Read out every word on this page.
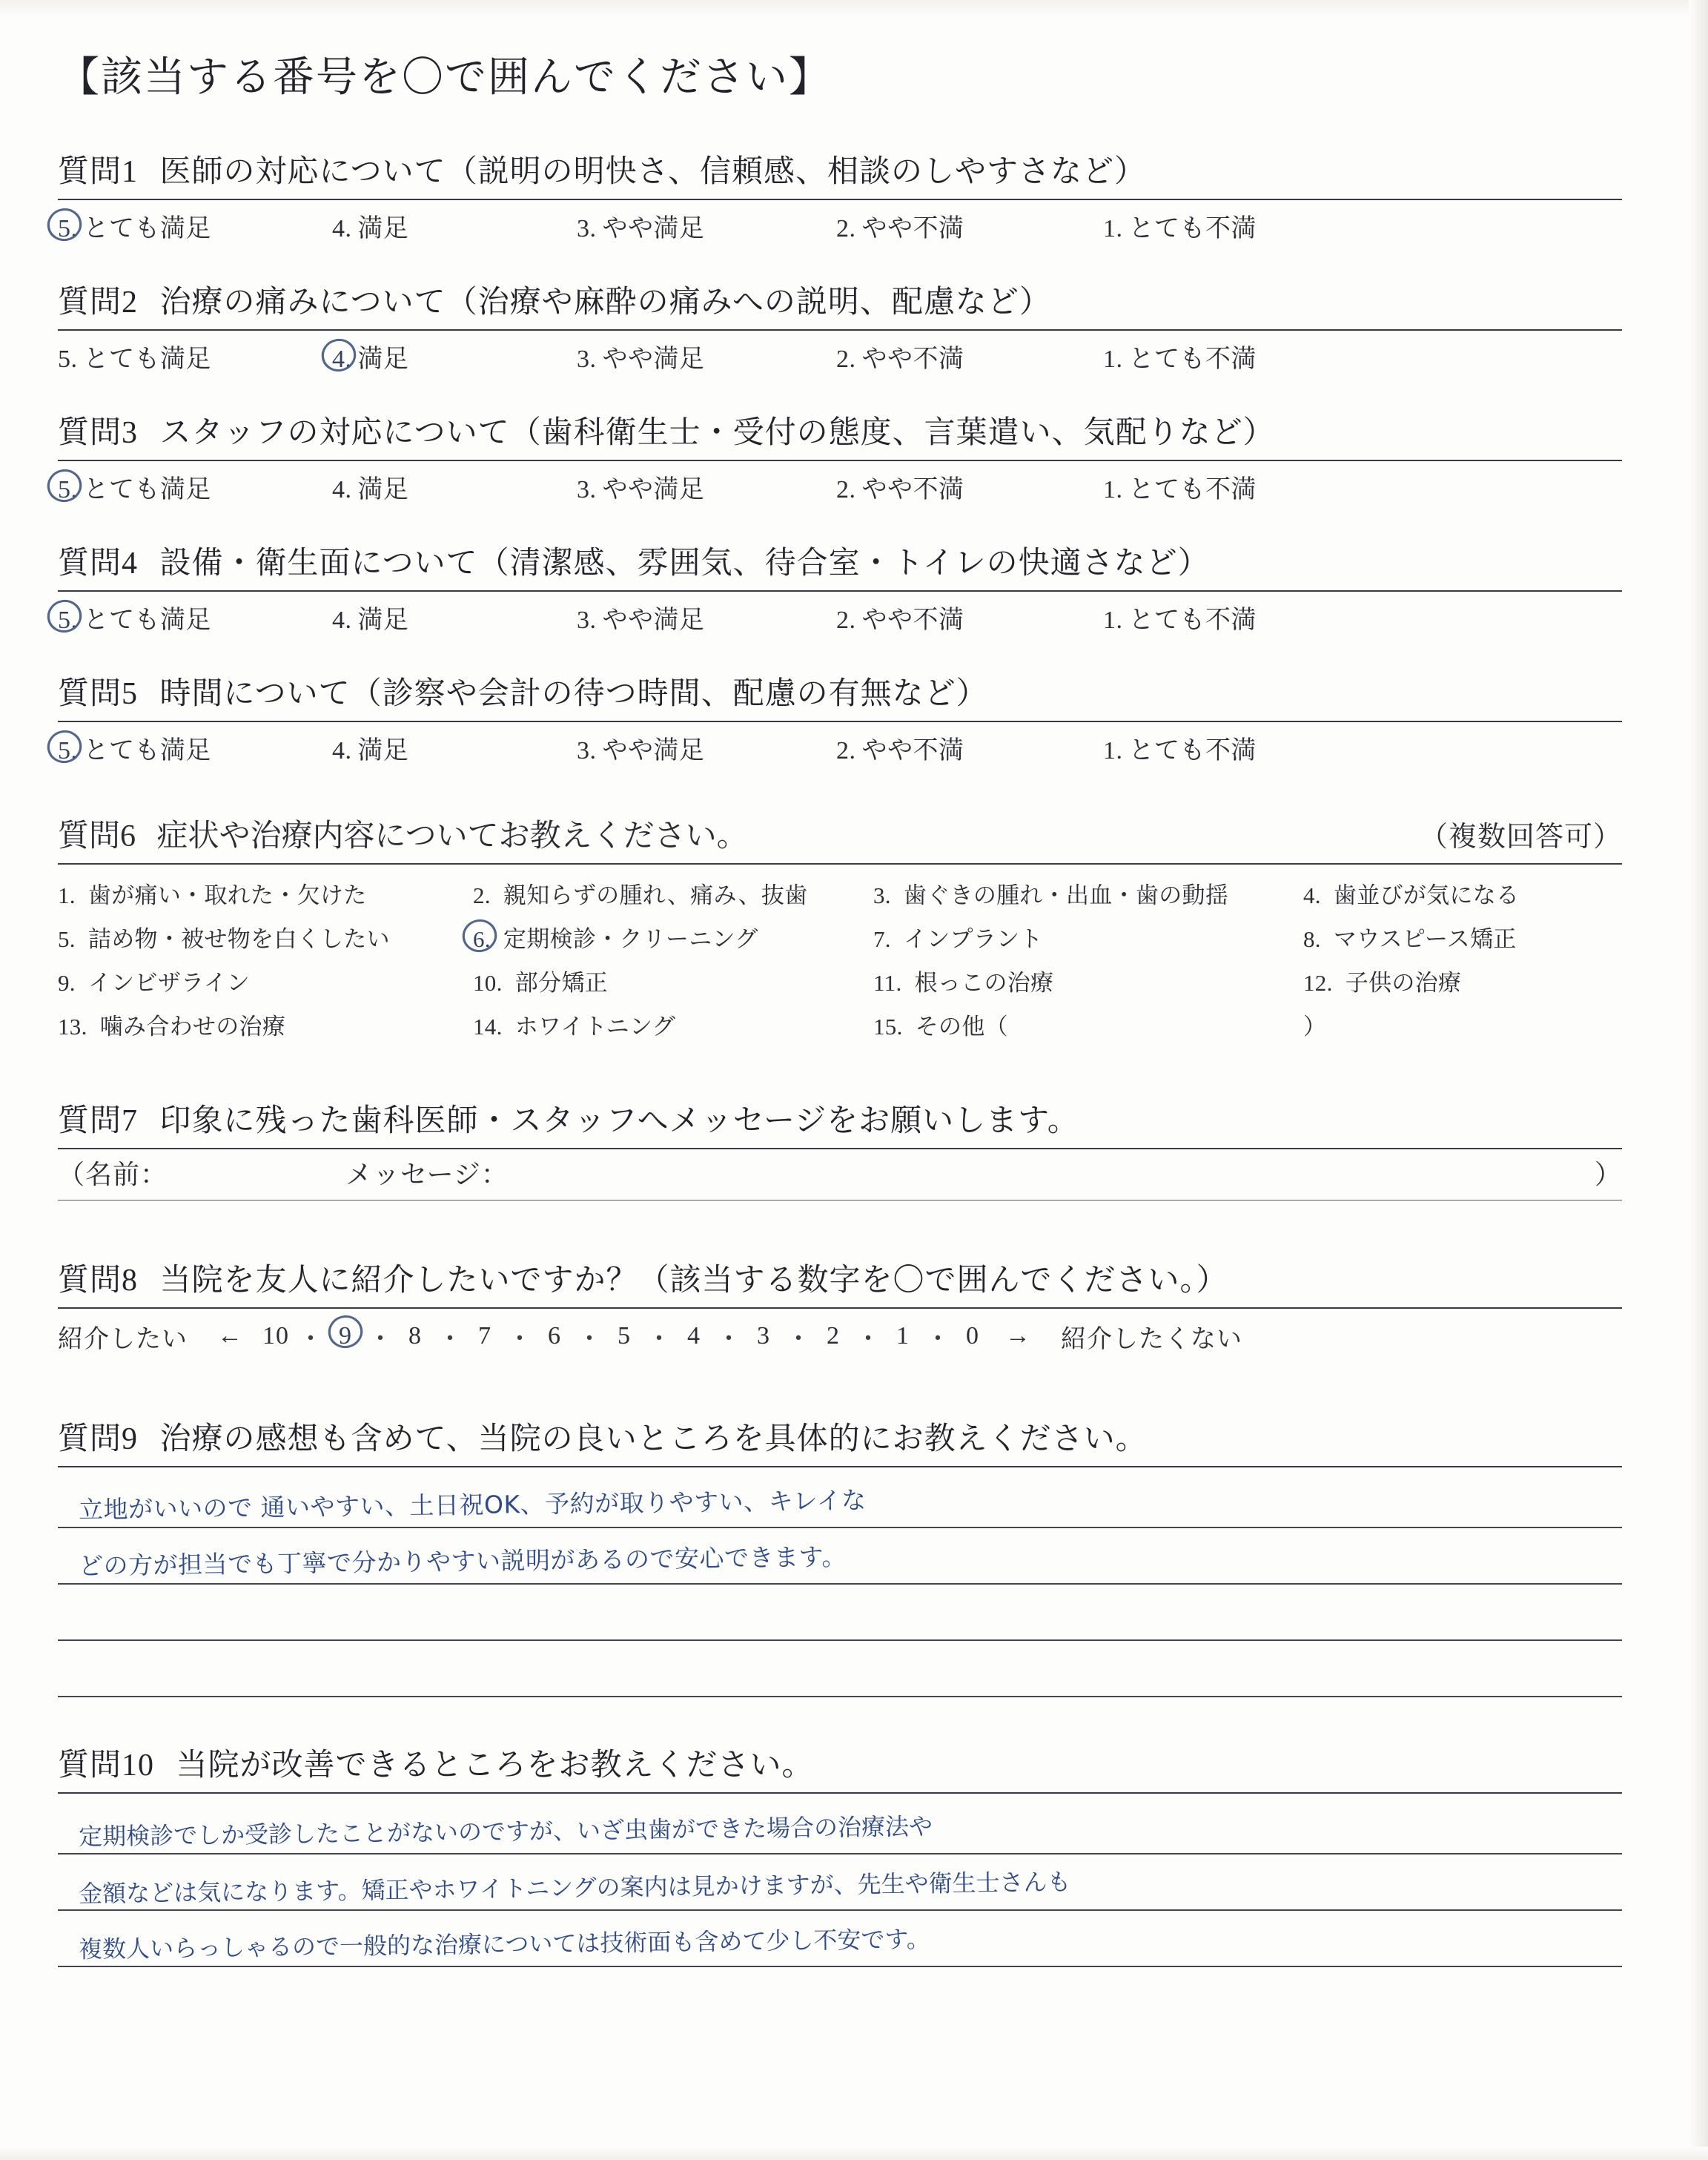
【該当する番号を〇で囲んでください】
質問1 医師の対応について（説明の明快さ、信頼感、相談のしやすさなど）
5. とても満足	4. 満足	3. やや満足	2. やや不満	1. とても不満
質問2 治療の痛みについて（治療や麻酔の痛みへの説明、配慮など）
5. とても満足	4. 満足	3. やや満足	2. やや不満	1. とても不満
質問3 スタッフの対応について（歯科衛生士・受付の態度、言葉遣い、気配りなど）
5. とても満足	4. 満足	3. やや満足	2. やや不満	1. とても不満
質問4 設備・衛生面について（清潔感、雰囲気、待合室・トイレの快適さなど）
5. とても満足	4. 満足	3. やや満足	2. やや不満	1. とても不満
質問5 時間について（診察や会計の待つ時間、配慮の有無など）
5. とても満足	4. 満足	3. やや満足	2. やや不満	1. とても不満
質問6 症状や治療内容についてお教えください。	（複数回答可）
1. 歯が痛い・取れた・欠けた	2. 親知らずの腫れ、痛み、抜歯	3. 歯ぐきの腫れ・出血・歯の動揺	4. 歯並びが気になる
5. 詰め物・被せ物を白くしたい	6. 定期検診・クリーニング	7. インプラント	8. マウスピース矯正
9. インビザライン	10. 部分矯正	11. 根っこの治療	12. 子供の治療
13. 噛み合わせの治療	14. ホワイトニング	15. その他（	）
質問7 印象に残った歯科医師・スタッフへメッセージをお願いします。
（名前：	メッセージ：	）
質問8 当院を友人に紹介したいですか？（該当する数字を〇で囲んでください。）
紹介したい	← 10 ・ 9 ・ 8 ・ 7 ・ 6 ・ 5 ・ 4 ・ 3 ・ 2 ・ 1 ・ 0	→	紹介したくない
質問9 治療の感想も含めて、当院の良いところを具体的にお教えください。
立地がいいので 通いやすい、土日祝OK、予約が取りやすい、キレイな
どの方が担当でも丁寧で分かりやすい説明があるので安心できます。
質問10 当院が改善できるところをお教えください。
定期検診でしか受診したことがないのですが、いざ虫歯ができた場合の治療法や
金額などは気になります。矯正やホワイトニングの案内は見かけますが、先生や衛生士さんも
複数人いらっしゃるので一般的な治療については技術面も含めて少し不安です。
